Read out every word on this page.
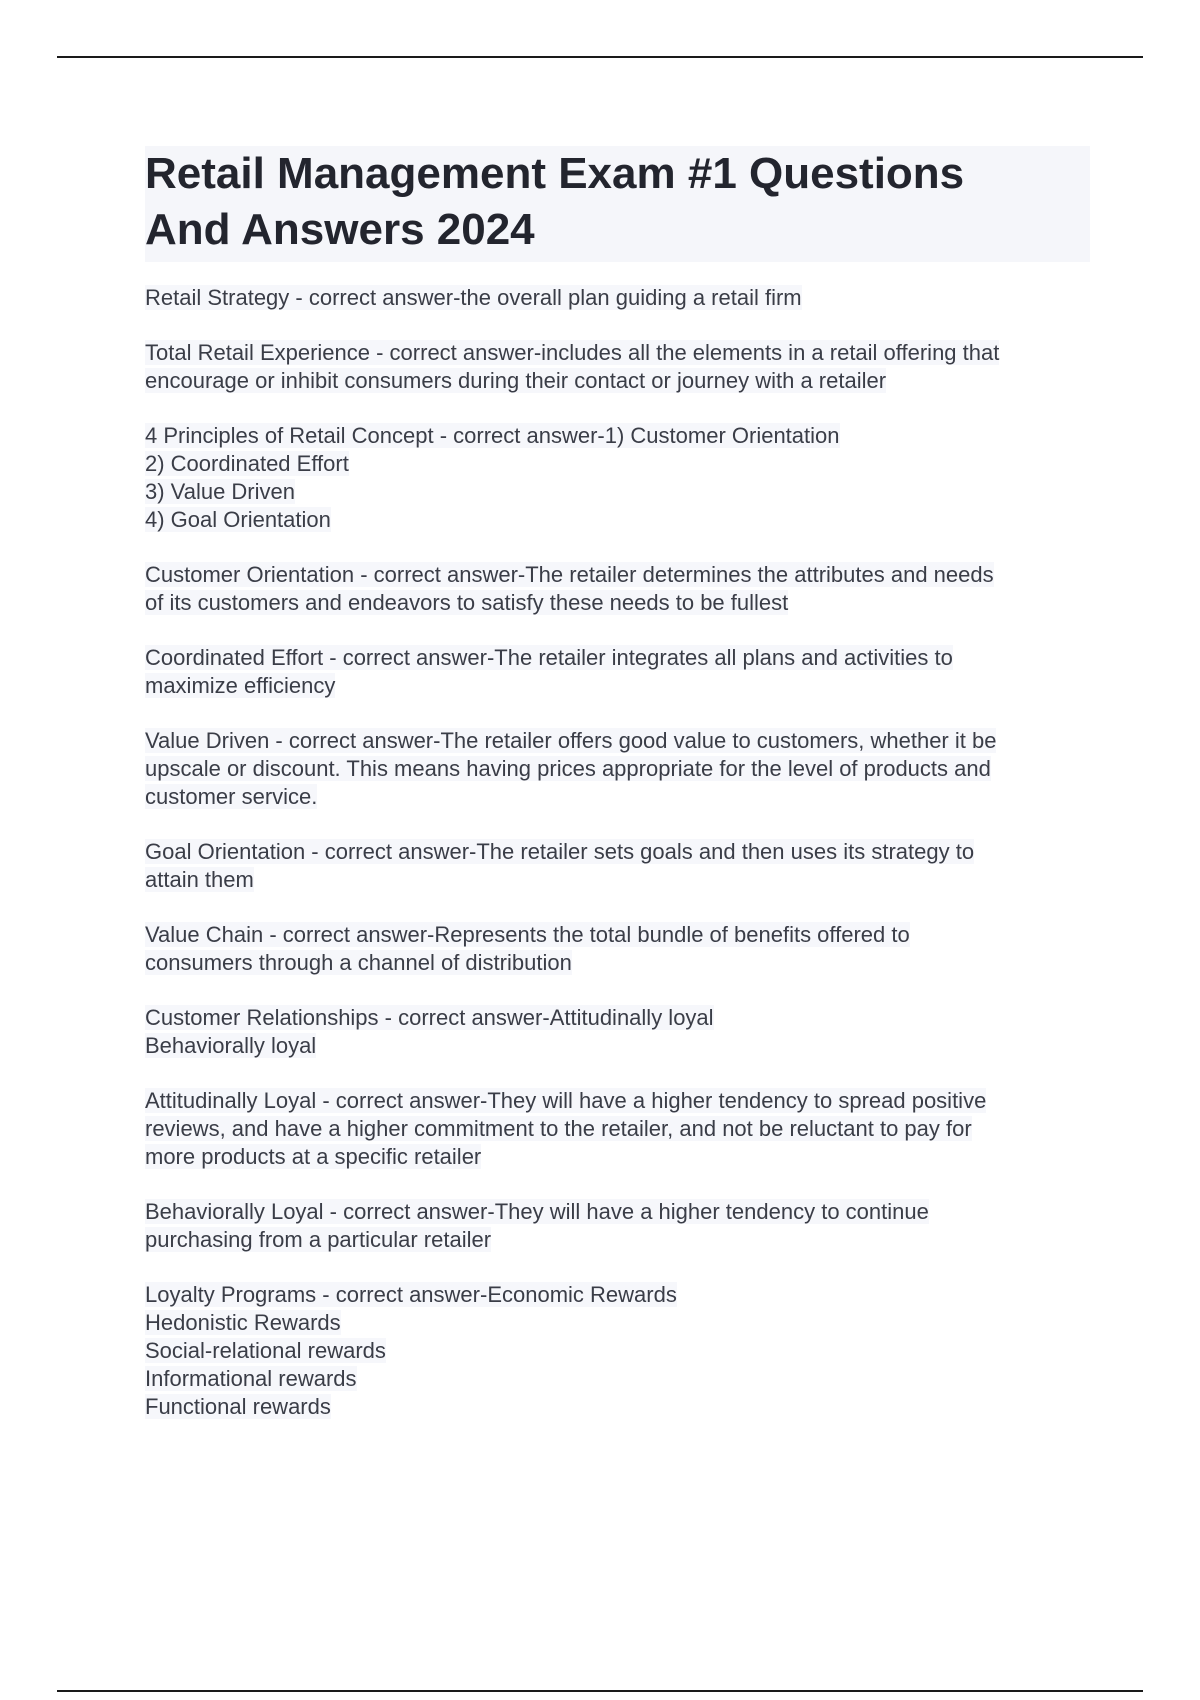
Retail Management Exam #1 Questions
And Answers 2024
Retail Strategy - correct answer-the overall plan guiding a retail firm
Total Retail Experience - correct answer-includes all the elements in a retail offering that
encourage or inhibit consumers during their contact or journey with a retailer
4 Principles of Retail Concept - correct answer-1) Customer Orientation
2) Coordinated Effort
3) Value Driven
4) Goal Orientation
Customer Orientation - correct answer-The retailer determines the attributes and needs
of its customers and endeavors to satisfy these needs to be fullest
Coordinated Effort - correct answer-The retailer integrates all plans and activities to
maximize efficiency
Value Driven - correct answer-The retailer offers good value to customers, whether it be
upscale or discount. This means having prices appropriate for the level of products and
customer service.
Goal Orientation - correct answer-The retailer sets goals and then uses its strategy to
attain them
Value Chain - correct answer-Represents the total bundle of benefits offered to
consumers through a channel of distribution
Customer Relationships - correct answer-Attitudinally loyal
Behaviorally loyal
Attitudinally Loyal - correct answer-They will have a higher tendency to spread positive
reviews, and have a higher commitment to the retailer, and not be reluctant to pay for
more products at a specific retailer
Behaviorally Loyal - correct answer-They will have a higher tendency to continue
purchasing from a particular retailer
Loyalty Programs - correct answer-Economic Rewards
Hedonistic Rewards
Social-relational rewards
Informational rewards
Functional rewards
